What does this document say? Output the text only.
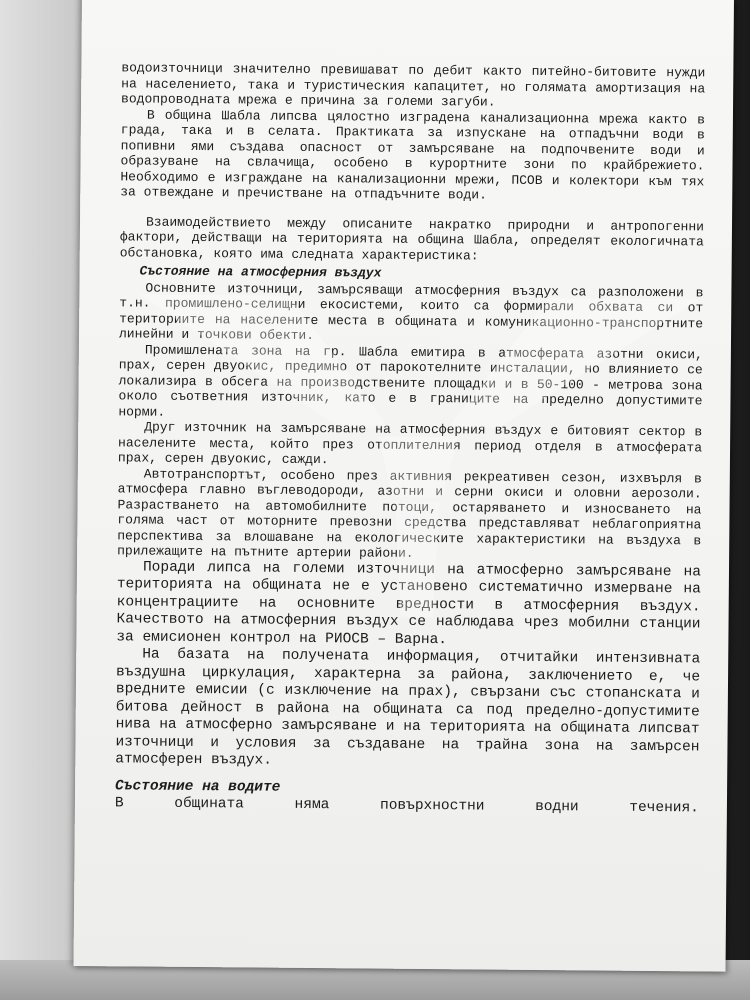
водоизточници значително превишават по дебит както питейно-битовите нужди на населението, така и туристическия капацитет, но голямата амортизация на водопроводната мрежа е причина за големи загуби.

В община Шабла липсва цялостно изградена канализационна мрежа както в града, така и в селата. Практиката за изпускане на отпадъчни води в попивни ями създава опасност от замърсяване на подпочвените води и образуване на свлачища, особено в курортните зони по крайбрежието. Необходимо е изграждане на канализационни мрежи, ПСОВ и колектори към тях за отвеждане и пречистване на отпадъчните води.

Взаимодействието между описаните накратко природни и антропогенни фактори, действащи на територията на община Шабла, определят екологичната обстановка, която има следната характеристика:

Състояние на атмосферния въздух

Основните източници, замърсяващи атмосферния въздух са разположени в т.н. промишлено-селищни екосистеми, които са формирали обхвата си от териториите на населените места в общината и комуникационно-транспортните линейни и точкови обекти.

Промишлената зона на гр. Шабла емитира в атмосферата азотни окиси, прах, серен двуокис, предимно от парокотелните инсталации, но влиянието се локализира в обсега на производствените площадки и в 50-100 - метрова зона около съответния източник, като е в границите на пределно допустимите норми.

Друг източник на замърсяване на атмосферния въздух е битовият сектор в населените места, който през отоплителния период отделя в атмосферата прах, серен двуокис, сажди.

Автотранспортът, особено през активния рекреативен сезон, изхвърля в атмосфера главно въглеводороди, азотни и серни окиси и оловни аерозоли. Разрастването на автомобилните потоци, остаряването и износването на голяма част от моторните превозни средства представляват неблагоприятна перспектива за влошаване на екологическите характеристики на въздуха в прилежащите на пътните артерии райони.

Поради липса на големи източници на атмосферно замърсяване на територията на общината не е установено систематично измерване на концентрациите на основните вредности в атмосферния въздух. Качеството на атмосферния въздух се наблюдава чрез мобилни станции за емисионен контрол на РИОСВ – Варна.

На базата на получената информация, отчитайки интензивната въздушна циркулация, характерна за района, заключението е, че вредните емисии (с изключение на прах), свързани със стопанската и битова дейност в района на общината са под пределно-допустимите нива на атмосферно замърсяване и на територията на общината липсват източници и условия за създаване на трайна зона на замърсен атмосферен въздух.

Състояние на водите

В общината няма повърхностни водни течения.
